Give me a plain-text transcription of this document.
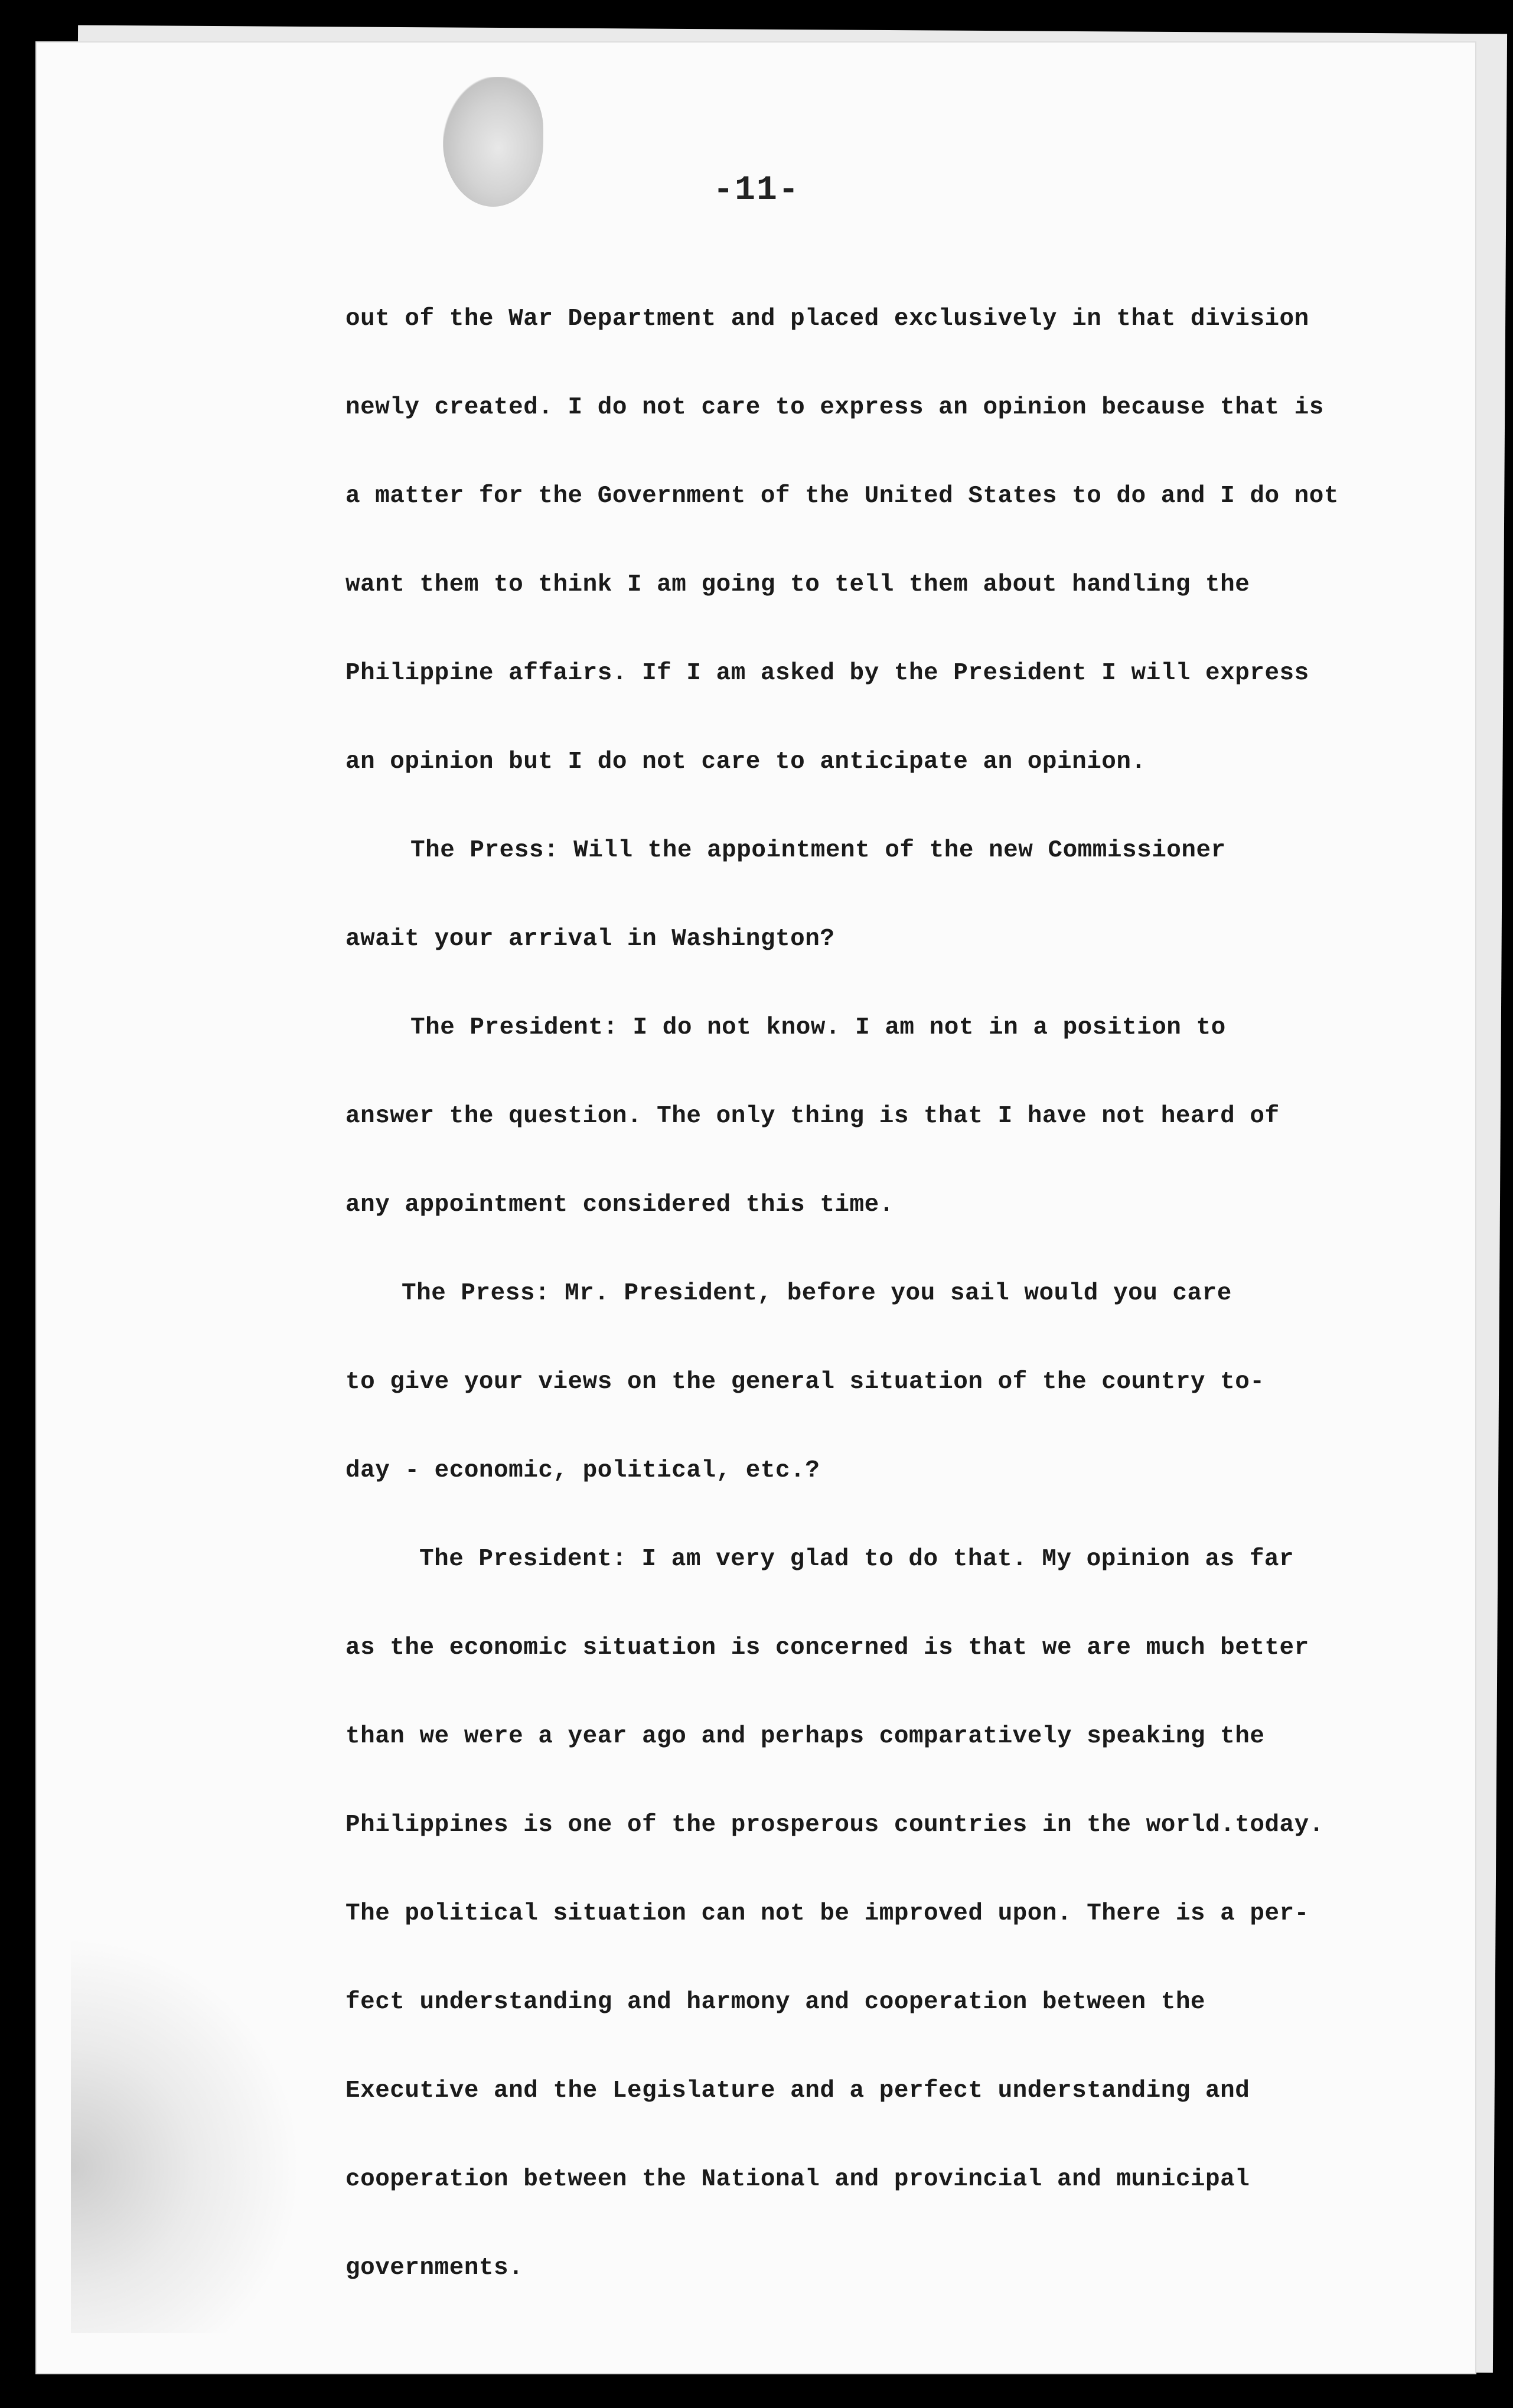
-11-
out of the War Department and placed exclusively in that division
newly created. I do not care to express an opinion because that is
a matter for the Government of the United States to do and I do not
want them to think I am going to tell them about handling the
Philippine affairs. If I am asked by the President I will express
an opinion but I do not care to anticipate an opinion.
The Press: Will the appointment of the new Commissioner
await your arrival in Washington?
The President: I do not know. I am not in a position to
answer the question. The only thing is that I have not heard of
any appointment considered this time.
The Press: Mr. President, before you sail would you care
to give your views on the general situation of the country to-
day - economic, political, etc.?
The President: I am very glad to do that. My opinion as far
as the economic situation is concerned is that we are much better
than we were a year ago and perhaps comparatively speaking the
Philippines is one of the prosperous countries in the world.today.
The political situation can not be improved upon. There is a per-
fect understanding and harmony and cooperation between the
Executive and the Legislature and a perfect understanding and
cooperation between the National and provincial and municipal
governments.
